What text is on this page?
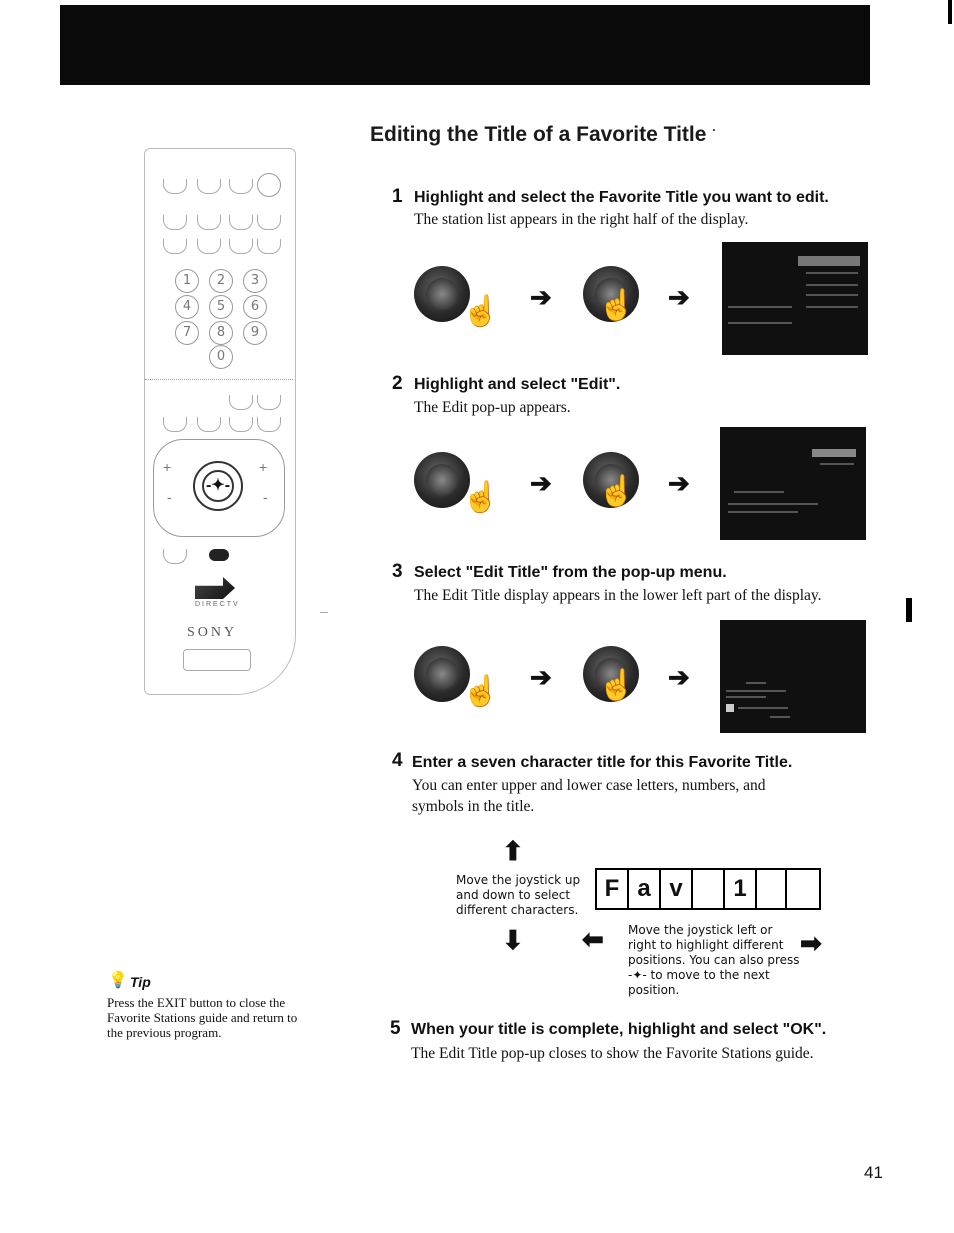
Editing the Title of a Favorite Title ·
1	2	3
4	5	6
7	8	9
0
+
-
+
-
-✦-
DIRECTV
SONY
1 Highlight and select the Favorite Title you want to edit.
The station list appears in the right half of the display.
☝ ➔ ☝ ➔
2 Highlight and select "Edit".
The Edit pop-up appears.
☝ ➔ ☝ ➔
3 Select "Edit Title" from the pop-up menu.
The Edit Title display appears in the lower left part of the display.
☝ ➔ ☝ ➔
4 Enter a seven character title for this Favorite Title.
You can enter upper and lower case letters, numbers, and
symbols in the title.
⬆
Move the joystick up
and down to select
different characters.
⬇
F a v	1
⬅ Move the joystick left or
right to highlight different
positions. You can also press
-✦- to move to the next
position.
➡
5 When your title is complete, highlight and select "OK".
The Edit Title pop-up closes to show the Favorite Stations guide.
💡 Tip
Press the EXIT button to close the
Favorite Stations guide and return to
the previous program.
41
